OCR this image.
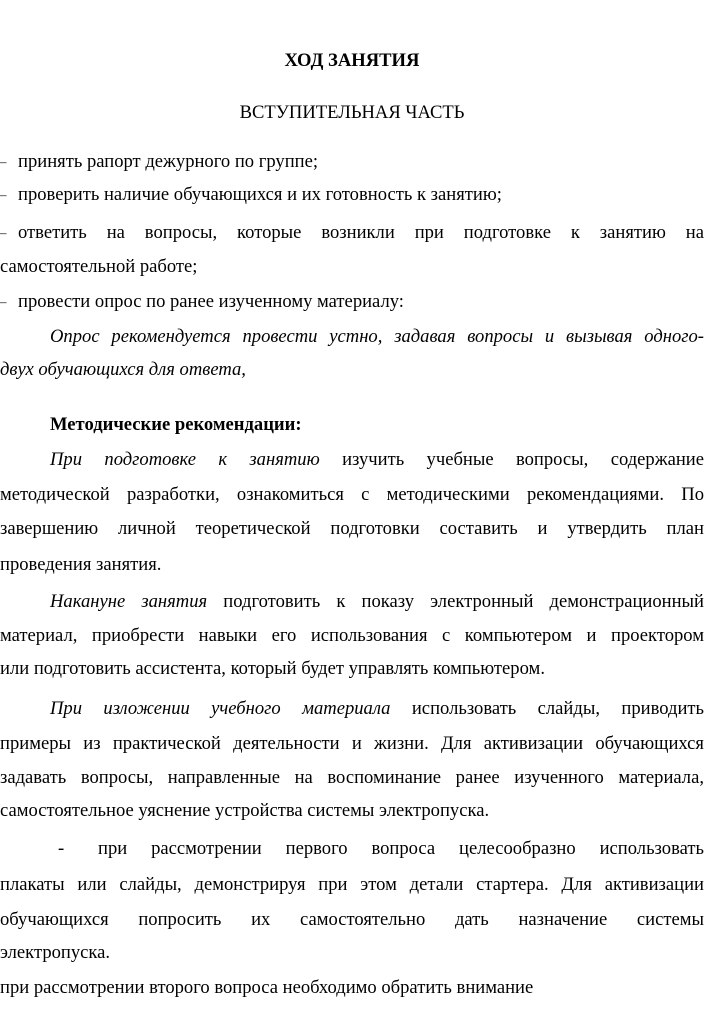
ХОД ЗАНЯТИЯ
ВСТУПИТЕЛЬНАЯ ЧАСТЬ
– принять рапорт дежурного по группе;
– проверить наличие обучающихся и их готовность к занятию;
– ответить на вопросы, которые возникли при подготовке к занятию на
самостоятельной работе;
– провести опрос по ранее изученному материалу:
Опрос рекомендуется провести устно, задавая вопросы и вызывая одного-
двух обучающихся для ответа,
Методические рекомендации:
При подготовке к занятию изучить учебные вопросы, содержание
методической разработки, ознакомиться с методическими рекомендациями. По
завершению личной теоретической подготовки составить и утвердить план
проведения занятия.
Накануне занятия подготовить к показу электронный демонстрационный
материал, приобрести навыки его использования с компьютером и проектором
или подготовить ассистента, который будет управлять компьютером.
При изложении учебного материала использовать слайды, приводить
примеры из практической деятельности и жизни. Для активизации обучающихся
задавать вопросы, направленные на воспоминание ранее изученного материала,
самостоятельное уяснение устройства системы электропуска.
- при рассмотрении первого вопроса целесообразно использовать
плакаты или слайды, демонстрируя при этом детали стартера. Для активизации
обучающихся попросить их самостоятельно дать назначение системы
электропуска.
при рассмотрении второго вопроса необходимо обратить внимание
